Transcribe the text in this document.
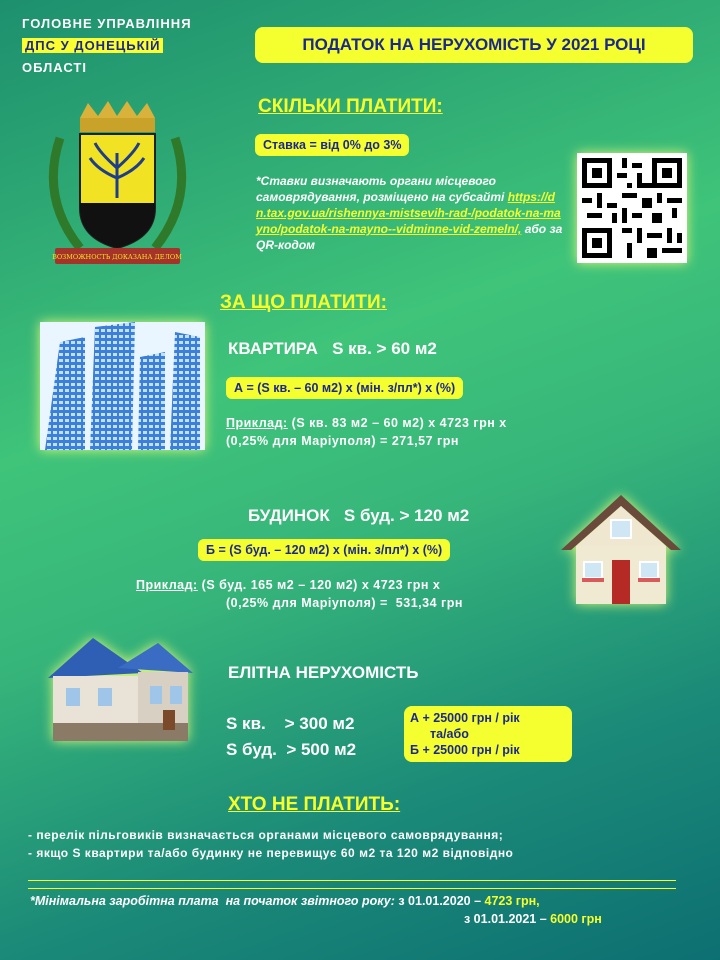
ГОЛОВНЕ УПРАВЛІННЯ
ДПС У ДОНЕЦЬКІЙ
ОБЛАСТІ
ПОДАТОК НА НЕРУХОМІСТЬ У 2021 РОЦІ
ВОЗМОЖНОСТЬ ДОКАЗАНА ДЕЛОМ
СКІЛЬКИ ПЛАТИТИ:
Ставка = від 0% до 3%
*Ставки визначають органи місцевого самоврядування, розміщено на субсайті https://dn.tax.gov.ua/rishennya-mistsevih-rad-/podatok-na-mayno/podatok-na-mayno--vidminne-vid-zemeln/, або за QR-кодом
ЗА ЩО ПЛАТИТИ:
КВАРТИРА   S кв. > 60 м2
А = (S кв. – 60 м2) х (мін. з/пл*) х (%)
Приклад: (S кв. 83 м2 – 60 м2) х 4723 грн х
(0,25% для Маріуполя) = 271,57 грн
БУДИНОК   S буд. > 120 м2
Б = (S буд. – 120 м2) х (мін. з/пл*) х (%)
Приклад: (S буд. 165 м2 – 120 м2) х 4723 грн х
(0,25% для Маріуполя) =  531,34 грн
ЕЛІТНА НЕРУХОМІСТЬ
S кв.    > 300 м2
S буд.  > 500 м2
А + 25000 грн / рік
та/або
Б + 25000 грн / рік
ХТО НЕ ПЛАТИТЬ:
- перелік пільговиків визначається органами місцевого самоврядування;
- якщо S квартири та/або будинку не перевищує 60 м2 та 120 м2 відповідно
*Мінімальна заробітна плата  на початок звітного року: з 01.01.2020 – 4723 грн,
з 01.01.2021 – 6000 грн
